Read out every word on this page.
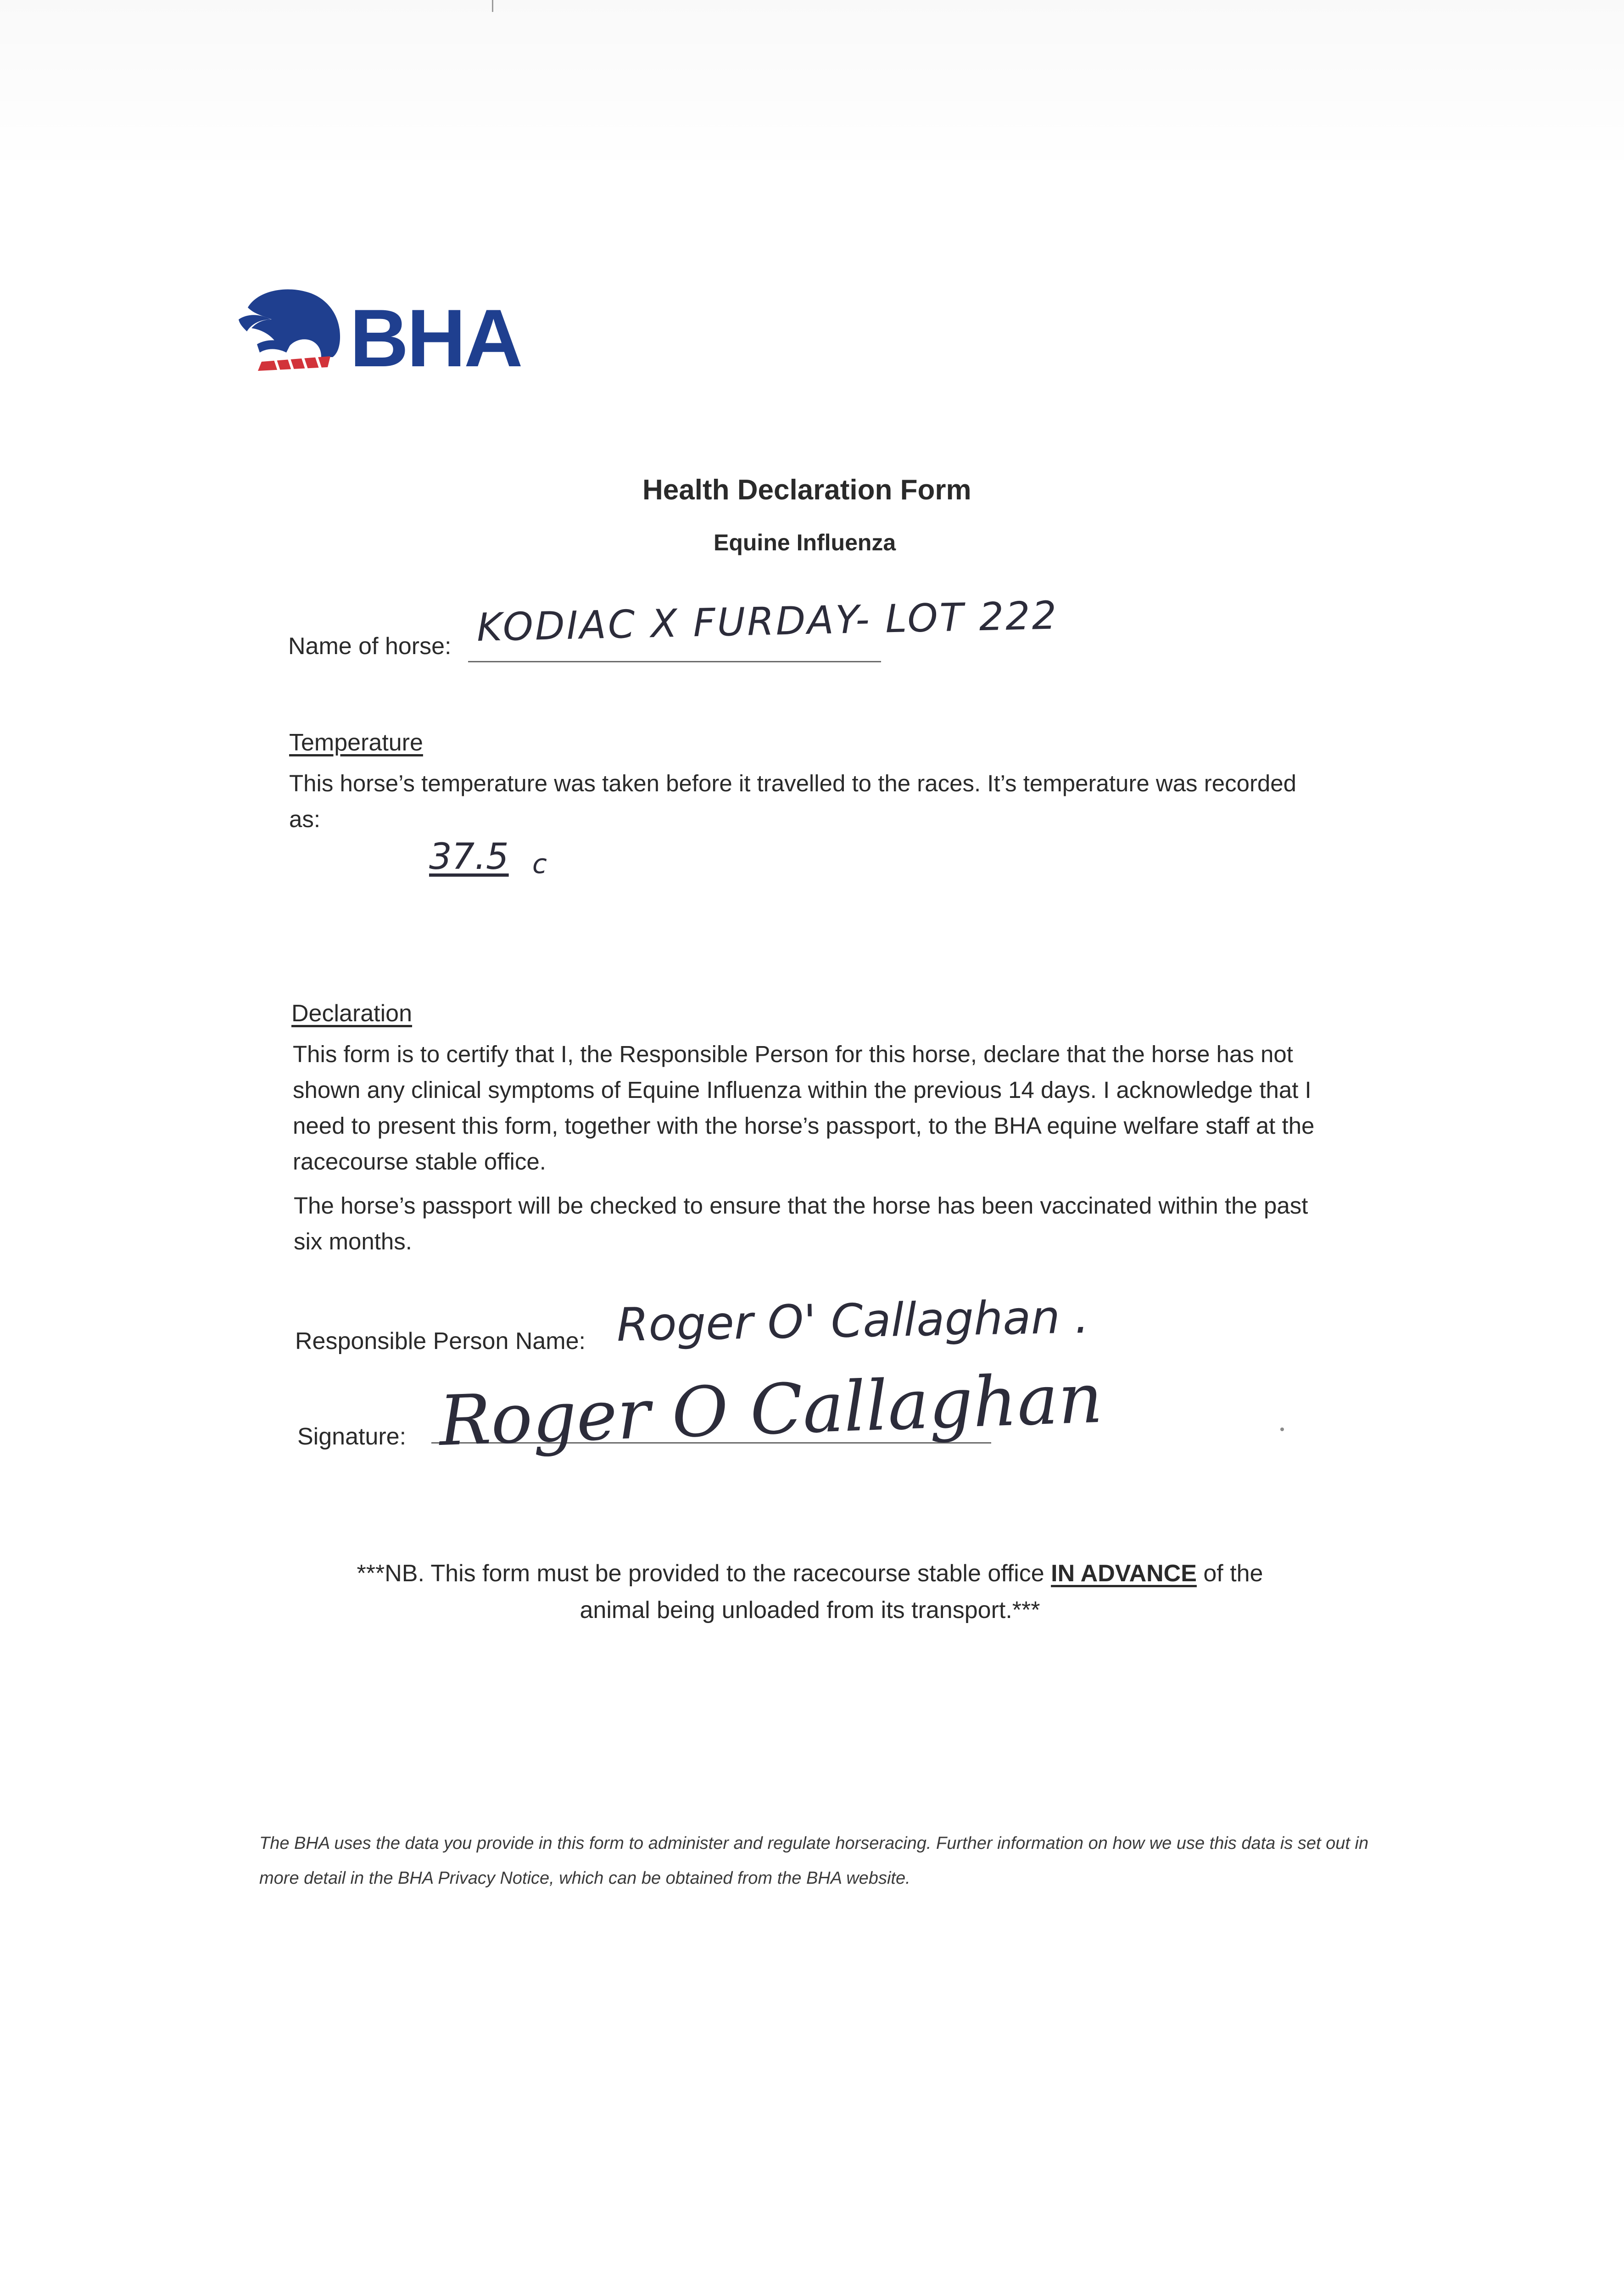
BHA
Health Declaration Form
Equine Influenza
Name of horse: KODIAC X FURDAY- LOT 222
Temperature
This horse’s temperature was taken before it travelled to the races. It’s temperature was recorded as:
37.5 c
Declaration
This form is to certify that I, the Responsible Person for this horse, declare that the horse has not shown any clinical symptoms of Equine Influenza within the previous 14 days. I acknowledge that I need to present this form, together with the horse’s passport, to the BHA equine welfare staff at the racecourse stable office.
The horse’s passport will be checked to ensure that the horse has been vaccinated within the past six months.
Responsible Person Name: Roger O' Callaghan .
Signature: Roger O Callaghan
***NB. This form must be provided to the racecourse stable office IN ADVANCE of the
animal being unloaded from its transport.***
The BHA uses the data you provide in this form to administer and regulate horseracing. Further information on how we use this data is set out in more detail in the BHA Privacy Notice, which can be obtained from the BHA website.
